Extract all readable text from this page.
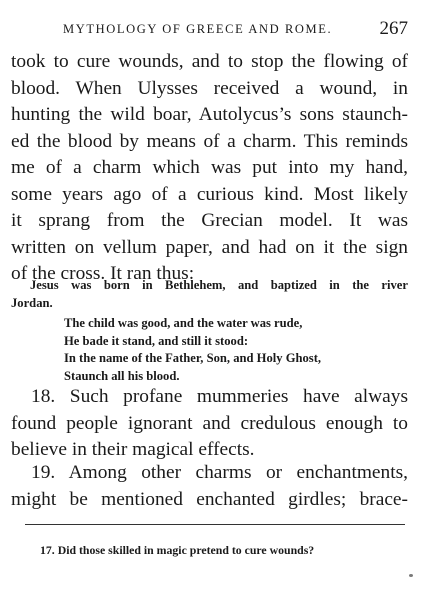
MYTHOLOGY OF GREECE AND ROME. 267
took to cure wounds, and to stop the flowing of
blood. When Ulysses received a wound, in
hunting the wild boar, Autolycus’s sons staunch-
ed the blood by means of a charm. This reminds
me of a charm which was put into my hand,
some years ago of a curious kind. Most likely
it sprang from the Grecian model. It was
written on vellum paper, and had on it the sign
of the cross. It ran thus:
Jesus was born in Bethlehem, and baptized in the river
Jordan.
The child was good, and the water was rude,
He bade it stand, and still it stood:
In the name of the Father, Son, and Holy Ghost,
Staunch all his blood.
18. Such profane mummeries have always
found people ignorant and credulous enough to
believe in their magical effects.
19. Among other charms or enchantments,
might be mentioned enchanted girdles; brace-
17. Did those skilled in magic pretend to cure wounds?
